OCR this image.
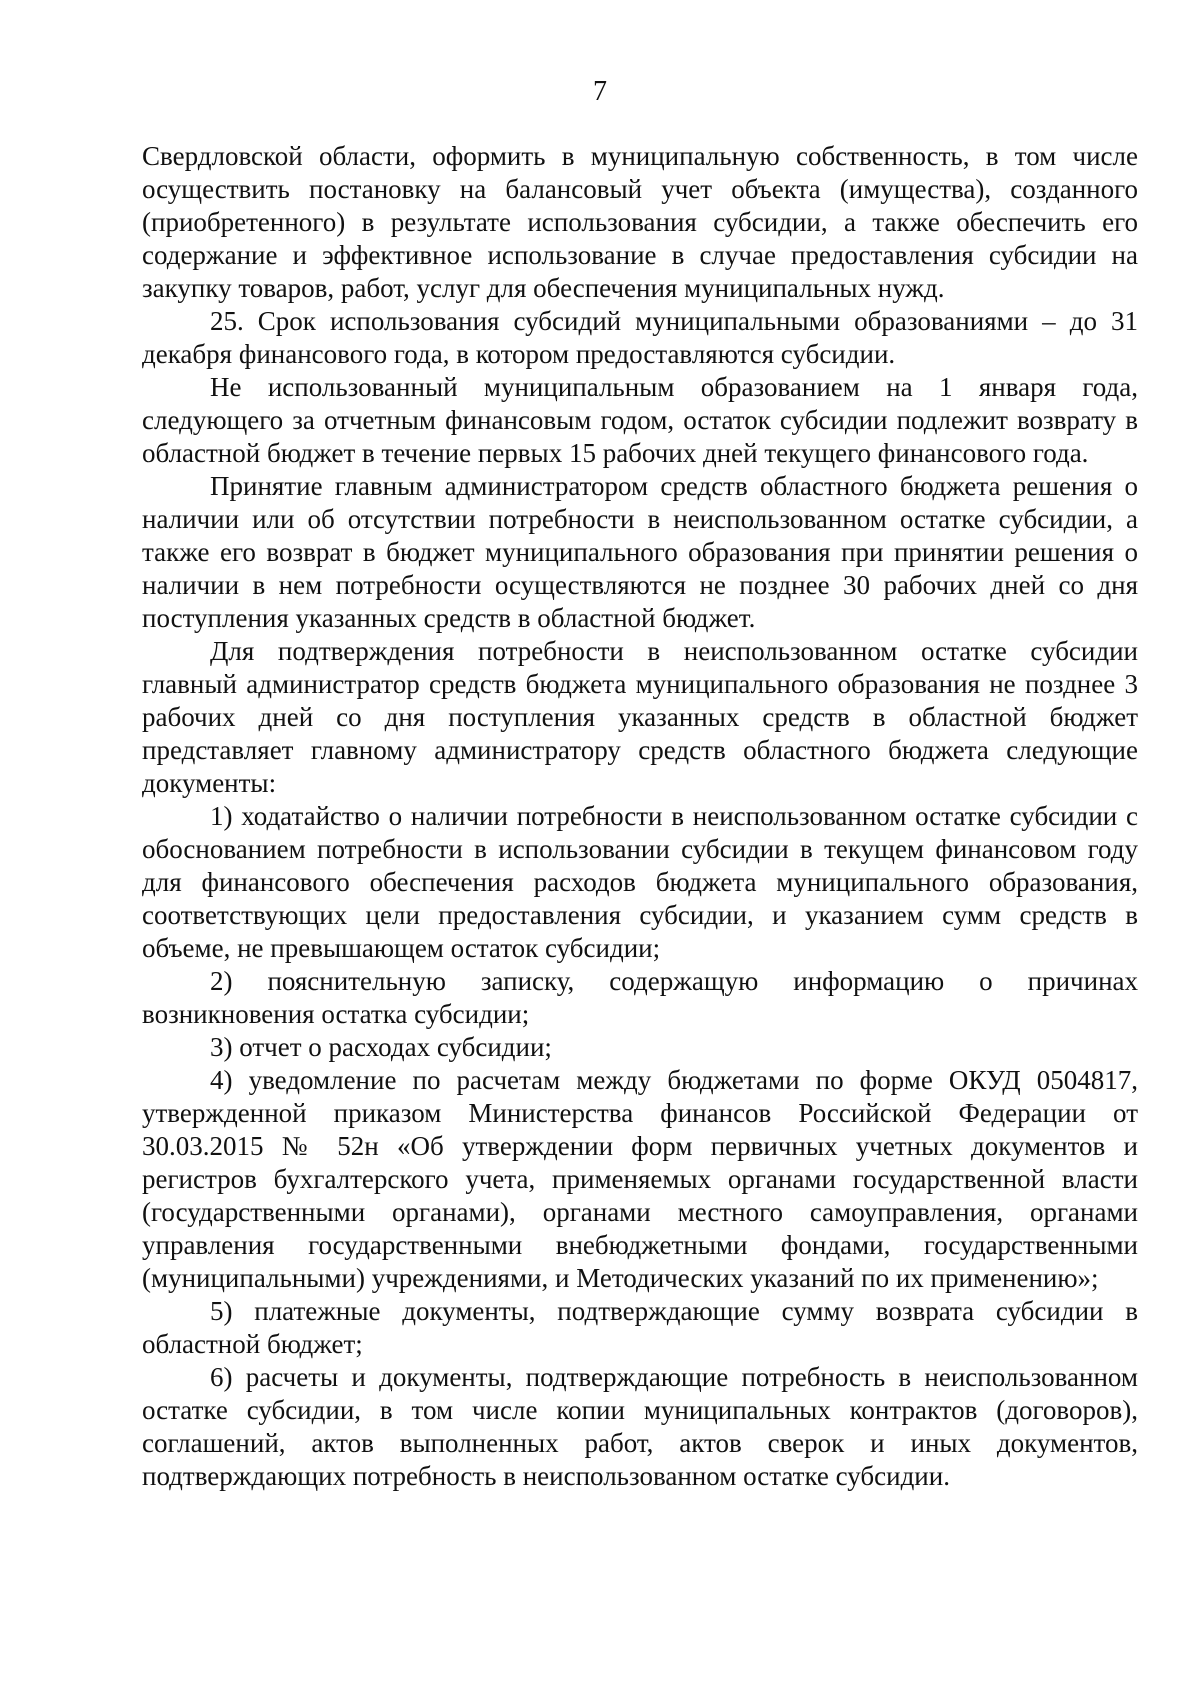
7

Свердловской области, оформить в муниципальную собственность, в том числе осуществить постановку на балансовый учет объекта (имущества), созданного (приобретенного) в результате использования субсидии, а также обеспечить его содержание и эффективное использование в случае предоставления субсидии на закупку товаров, работ, услуг для обеспечения муниципальных нужд.

25. Срок использования субсидий муниципальными образованиями – до 31 декабря финансового года, в котором предоставляются субсидии.

Не использованный муниципальным образованием на 1 января года, следующего за отчетным финансовым годом, остаток субсидии подлежит возврату в областной бюджет в течение первых 15 рабочих дней текущего финансового года.

Принятие главным администратором средств областного бюджета решения о наличии или об отсутствии потребности в неиспользованном остатке субсидии, а также его возврат в бюджет муниципального образования при принятии решения о наличии в нем потребности осуществляются не позднее 30 рабочих дней со дня поступления указанных средств в областной бюджет.

Для подтверждения потребности в неиспользованном остатке субсидии главный администратор средств бюджета муниципального образования не позднее 3 рабочих дней со дня поступления указанных средств в областной бюджет представляет главному администратору средств областного бюджета следующие документы:

1) ходатайство о наличии потребности в неиспользованном остатке субсидии с обоснованием потребности в использовании субсидии в текущем финансовом году для финансового обеспечения расходов бюджета муниципального образования, соответствующих цели предоставления субсидии, и указанием сумм средств в объеме, не превышающем остаток субсидии;

2) пояснительную записку, содержащую информацию о причинах возникновения остатка субсидии;

3) отчет о расходах субсидии;

4) уведомление по расчетам между бюджетами по форме ОКУД 0504817, утвержденной приказом Министерства финансов Российской Федерации от 30.03.2015 № 52н «Об утверждении форм первичных учетных документов и регистров бухгалтерского учета, применяемых органами государственной власти (государственными органами), органами местного самоуправления, органами управления государственными внебюджетными фондами, государственными (муниципальными) учреждениями, и Методических указаний по их применению»;

5) платежные документы, подтверждающие сумму возврата субсидии в областной бюджет;

6) расчеты и документы, подтверждающие потребность в неиспользованном остатке субсидии, в том числе копии муниципальных контрактов (договоров), соглашений, актов выполненных работ, актов сверок и иных документов, подтверждающих потребность в неиспользованном остатке субсидии.
